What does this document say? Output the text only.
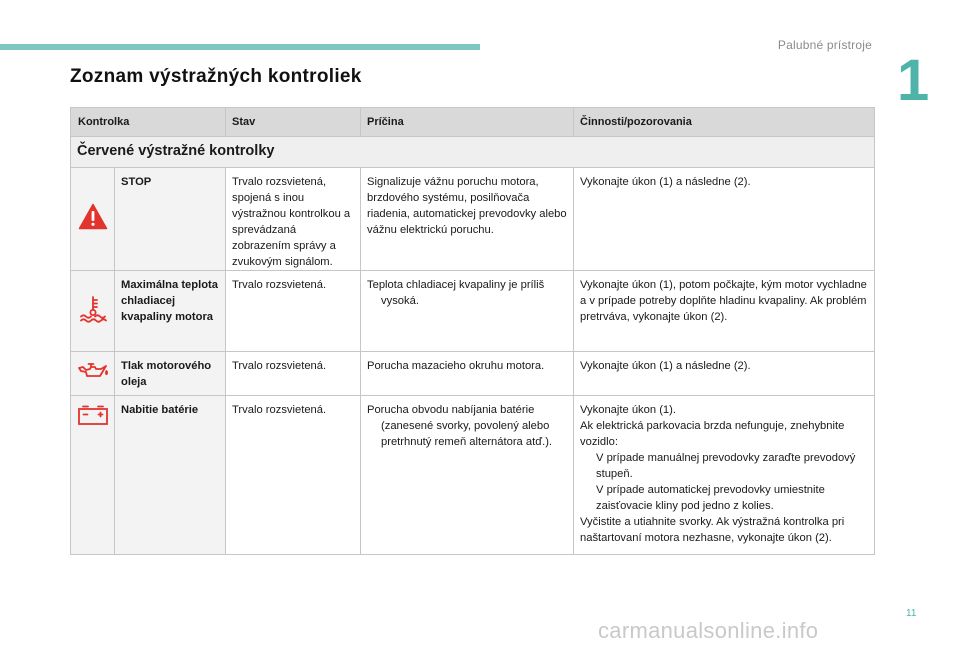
Palubné prístroje
1
Zoznam výstražných kontroliek
Kontrolka		Stav	Príčina	Činnosti/pozorovania
Červené výstražné kontrolky				
	STOP	Trvalo rozsvietená, spojená s inou výstražnou kontrolkou a sprevádzaná zobrazením správy a zvukovým signálom.	Signalizuje vážnu poruchu motora, brzdového systému, posilňovača riadenia, automatickej prevodovky alebo vážnu elektrickú poruchu.	Vykonajte úkon (1) a následne (2).
	Maximálna teplota chladiacej kvapaliny motora	Trvalo rozsvietená.	Teplota chladiacej kvapaliny je príliš vysoká.	Vykonajte úkon (1), potom počkajte, kým motor vychladne a v prípade potreby doplňte hladinu kvapaliny. Ak problém pretrváva, vykonajte úkon (2).
	Tlak motorového oleja	Trvalo rozsvietená.	Porucha mazacieho okruhu motora.	Vykonajte úkon (1) a následne (2).
	Nabitie batérie	Trvalo rozsvietená.	Porucha obvodu nabíjania batérie (zanesené svorky, povolený alebo pretrhnutý remeň alternátora atď.).	Vykonajte úkon (1).
Ak elektrická parkovacia brzda nefunguje, znehybnite vozidlo:
V prípade manuálnej prevodovky zaraďte prevodový stupeň.
V prípade automatickej prevodovky umiestnite zaisťovacie kliny pod jedno z kolies.
Vyčistite a utiahnite svorky. Ak výstražná kontrolka pri naštartovaní motora nezhasne, vykonajte úkon (2).
11
carmanualsonline.info
